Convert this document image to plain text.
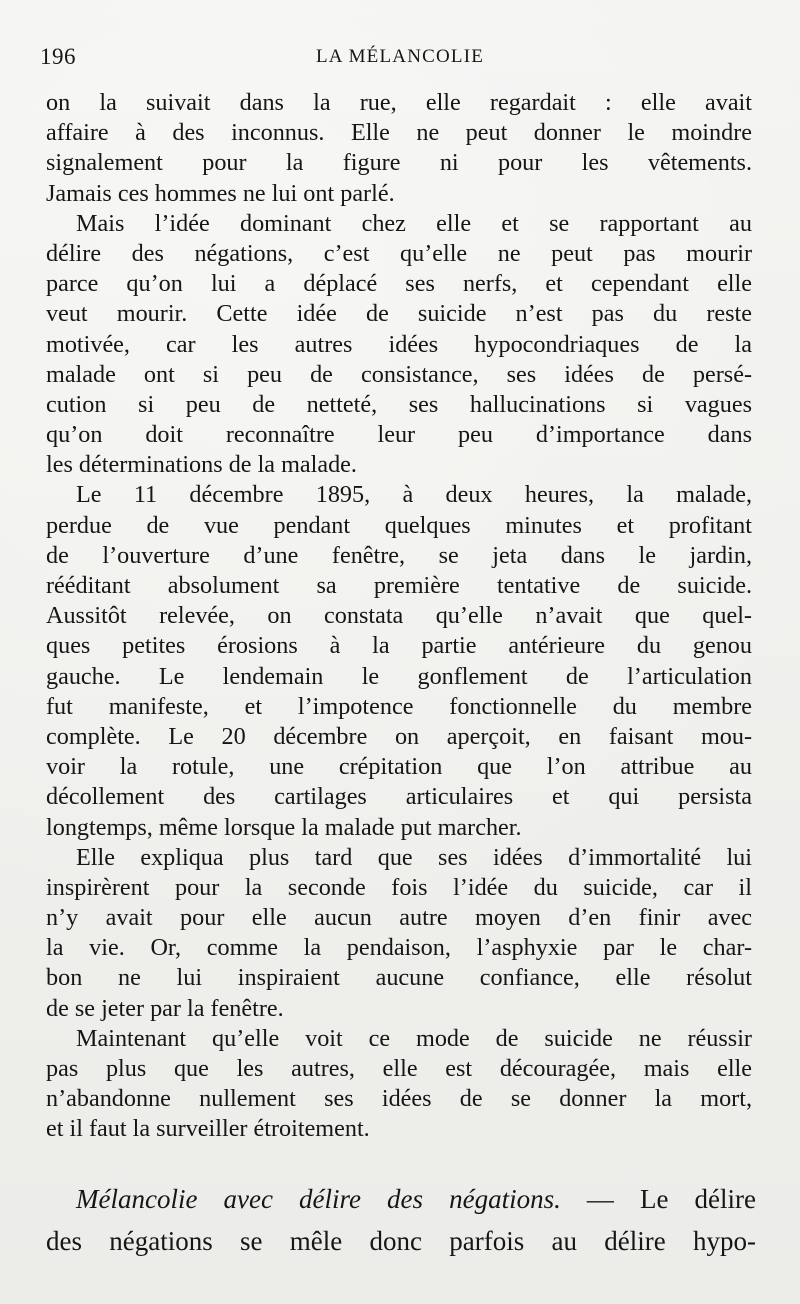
196	LA MÉLANCOLIE
on la suivait dans la rue, elle regardait : elle avait
affaire à des inconnus. Elle ne peut donner le moindre
signalement pour la figure ni pour les vêtements.
Jamais ces hommes ne lui ont parlé.
Mais l’idée dominant chez elle et se rapportant au
délire des négations, c’est qu’elle ne peut pas mourir
parce qu’on lui a déplacé ses nerfs, et cependant elle
veut mourir. Cette idée de suicide n’est pas du reste
motivée, car les autres idées hypocondriaques de la
malade ont si peu de consistance, ses idées de persé-
cution si peu de netteté, ses hallucinations si vagues
qu’on doit reconnaître leur peu d’importance dans
les déterminations de la malade.
Le 11 décembre 1895, à deux heures, la malade,
perdue de vue pendant quelques minutes et profitant
de l’ouverture d’une fenêtre, se jeta dans le jardin,
rééditant absolument sa première tentative de suicide.
Aussitôt relevée, on constata qu’elle n’avait que quel-
ques petites érosions à la partie antérieure du genou
gauche. Le lendemain le gonflement de l’articulation
fut manifeste, et l’impotence fonctionnelle du membre
complète. Le 20 décembre on aperçoit, en faisant mou-
voir la rotule, une crépitation que l’on attribue au
décollement des cartilages articulaires et qui persista
longtemps, même lorsque la malade put marcher.
Elle expliqua plus tard que ses idées d’immortalité lui
inspirèrent pour la seconde fois l’idée du suicide, car il
n’y avait pour elle aucun autre moyen d’en finir avec
la vie. Or, comme la pendaison, l’asphyxie par le char-
bon ne lui inspiraient aucune confiance, elle résolut
de se jeter par la fenêtre.
Maintenant qu’elle voit ce mode de suicide ne réussir
pas plus que les autres, elle est découragée, mais elle
n’abandonne nullement ses idées de se donner la mort,
et il faut la surveiller étroitement.
Mélancolie avec délire des négations. — Le délire
des négations se mêle donc parfois au délire hypo-
